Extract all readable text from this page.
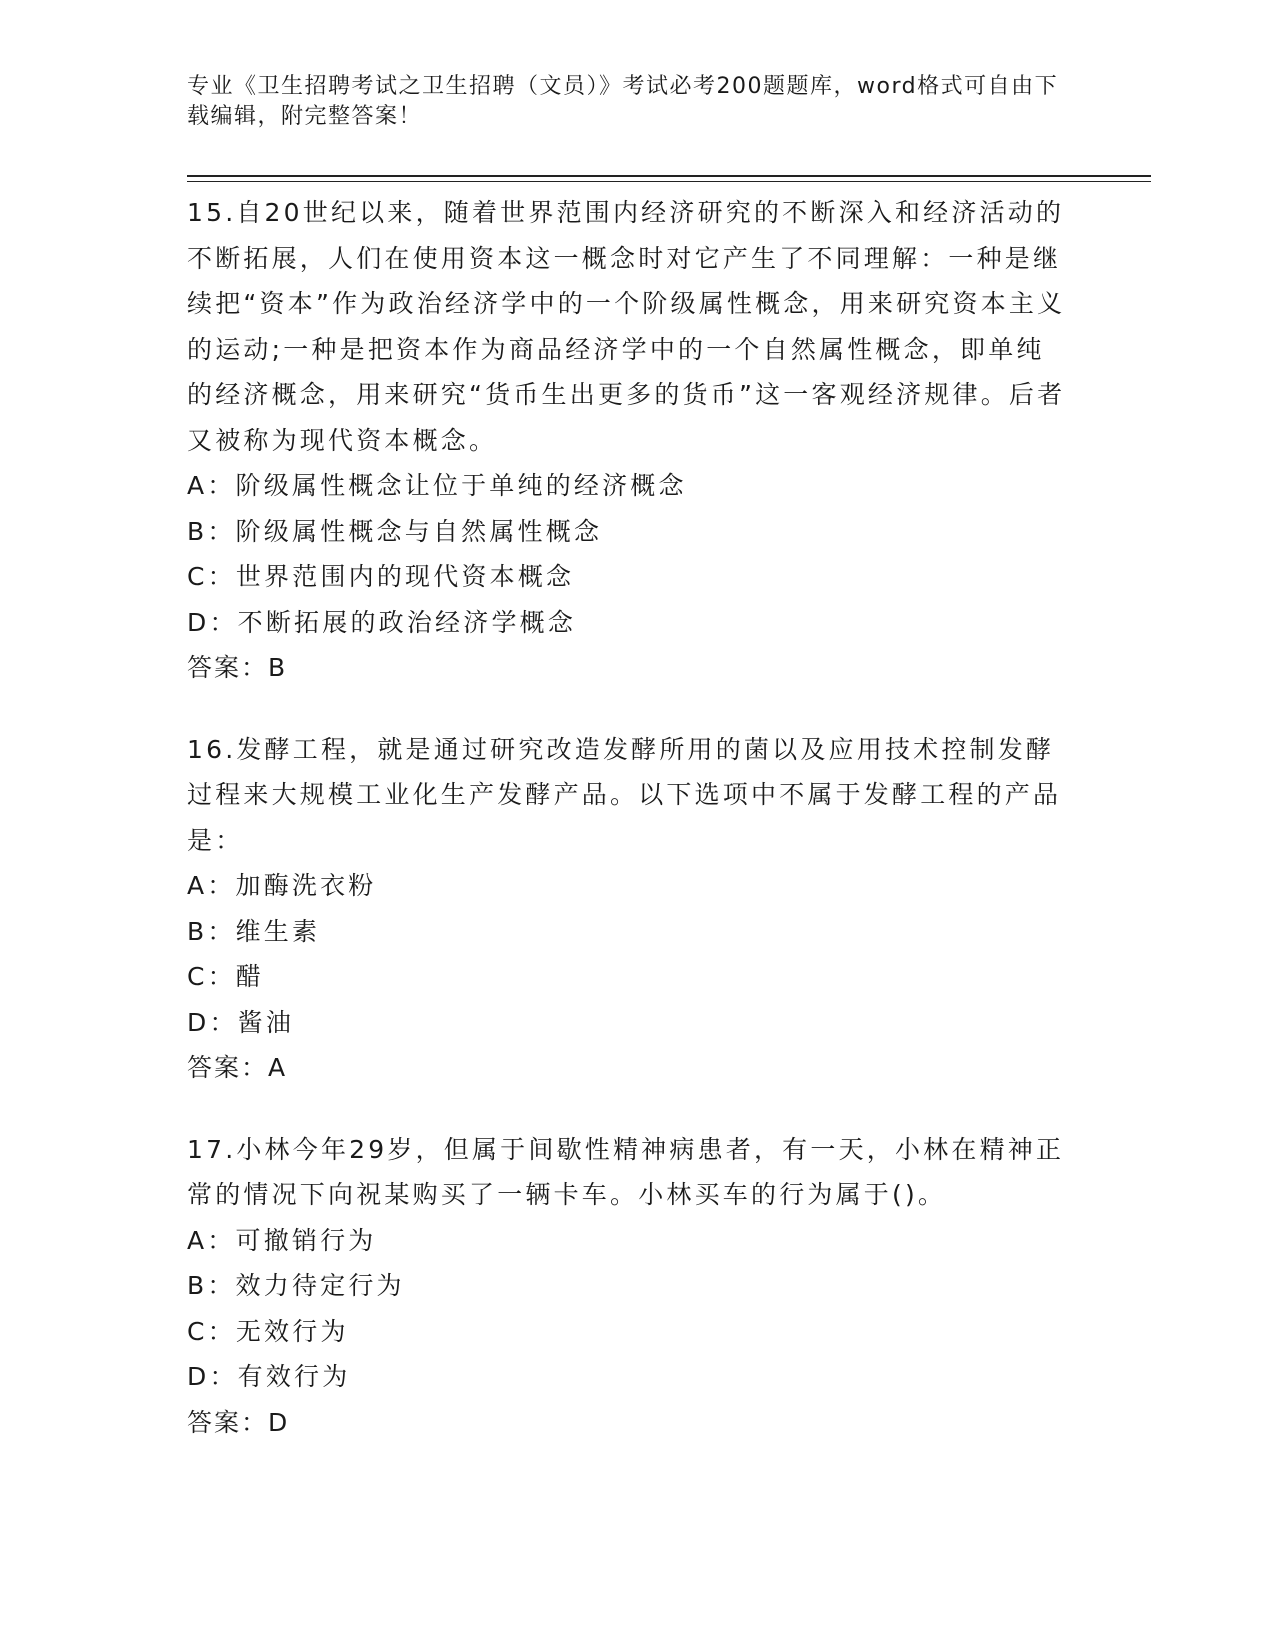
专业《卫生招聘考试之卫生招聘（文员）》考试必考200题题库，word格式可自由下载编辑，附完整答案！
15.自20世纪以来，随着世界范围内经济研究的不断深入和经济活动的不断拓展，人们在使用资本这一概念时对它产生了不同理解：一种是继续把“资本”作为政治经济学中的一个阶级属性概念，用来研究资本主义的运动;一种是把资本作为商品经济学中的一个自然属性概念，即单纯的经济概念，用来研究“货币生出更多的货币”这一客观经济规律。后者又被称为现代资本概念。
A：阶级属性概念让位于单纯的经济概念
B：阶级属性概念与自然属性概念
C：世界范围内的现代资本概念
D：不断拓展的政治经济学概念
答案：B
16.发酵工程，就是通过研究改造发酵所用的菌以及应用技术控制发酵过程来大规模工业化生产发酵产品。以下选项中不属于发酵工程的产品是：
A：加酶洗衣粉
B：维生素
C：醋
D：酱油
答案：A
17.小林今年29岁，但属于间歇性精神病患者，有一天，小林在精神正常的情况下向祝某购买了一辆卡车。小林买车的行为属于()。
A：可撤销行为
B：效力待定行为
C：无效行为
D：有效行为
答案：D
